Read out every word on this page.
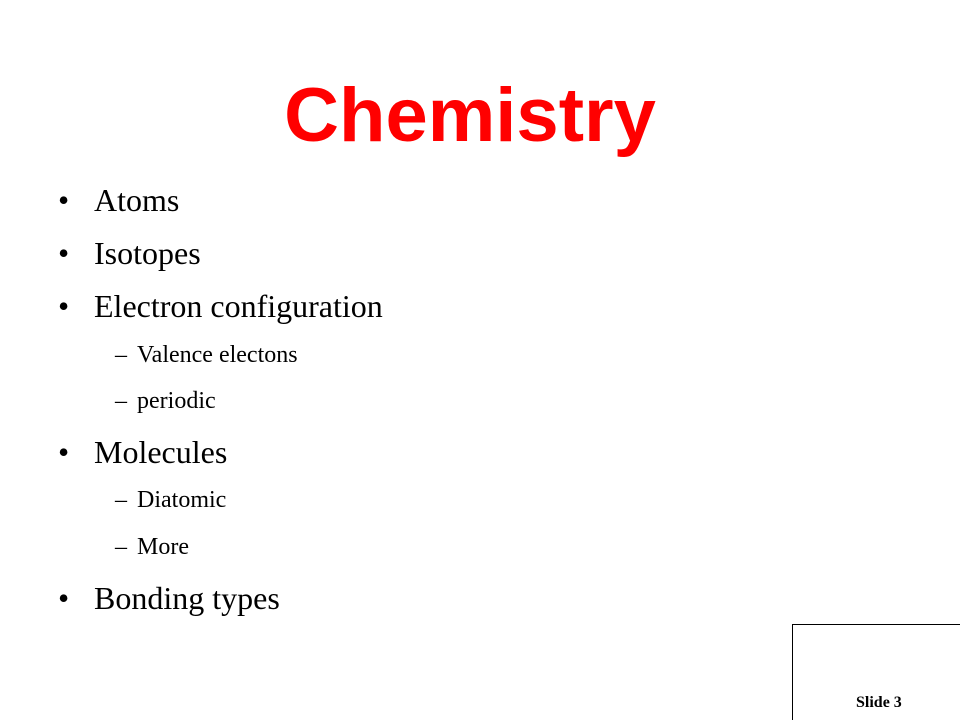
Chemistry
• Atoms
• Isotopes
• Electron configuration
– Valence electons
– periodic
• Molecules
– Diatomic
– More
• Bonding types
Slide 3
